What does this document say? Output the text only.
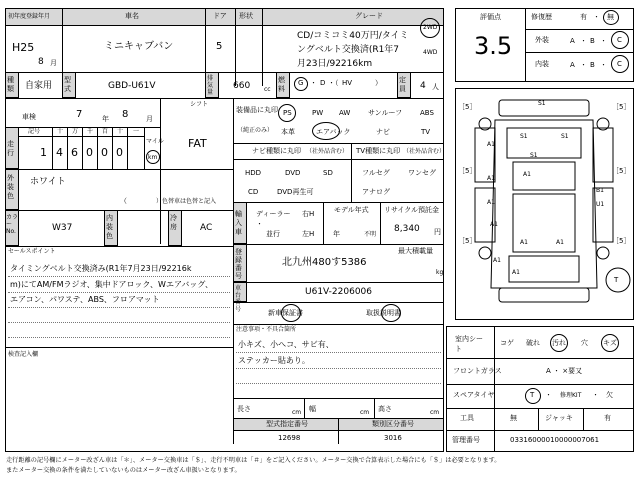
初年度登録年月	車名	ドア 形状	グレード
H25
8 月
ミニキャブバン	5
CD/コミコミ40万円/タイミ
ングベルト交換済(R1年7
月23日/92216km
2WD
4WD
種類	自家用
型式	GBD-U61V
排気量
660 cc
燃料
G ・ D ・（ HV	） 定員	4 人
車検	7	年 8	月
シフト
FAT
走行
記号	十 万 千 百 十 一
1 4 6 0 0 0
マイル
km
外装色
ホワイト
（	）色替車は色替と記入
カラーNo.	W37
内装色
冷房	AC
装備品に丸印
（純正のみ）
PS	PW AW	サンルーフ	ABS
本革	エアバック	ナビ	TV
ナビ種類に丸印 （社外品含む） TV種類に丸印 （社外品含む）
HDD	DVD	SD
CD	DVD再生可
フルセグ	ワンセグ
アナログ
輸入車
ディーラー
・
並行
右H
左H
モデル年式
年	不明
リサイクル預託金
8,340 円
最大積載量
kg
登録番号
北九州480す5386
車台番号
U61V-2206006
新車保証書	取扱説明書
セールスポイント
タイミングベルト交換済み(R1年7月23日/92216k
m)にてAM/FMラジオ、集中ドアロック、Wエアバッグ、
エアコン、パワステ、ABS、フロアマット
検査記入欄
注意事項・不具合箇所
小キズ、小へコ、サビ有、
ステッカー貼あり。
長さ	cm 幅	cm 高さ	cm
型式指定番号	類別区分番号
12698	3016
評価点
3.5
修復歴	有 ・ 無
外装	A ・ B ・ C
内装	A ・ B ・ C
S1
A1
S1	S1
S1
A1
A1
B1
U1
A1
A1
A1	A1
A1
A1
T
［5］	［5］
［5］	［5］
［5］	［5］
室内シート
コゲ 破れ 汚れ 穴 キズ
フロントガラス	A ・ ×要又
スペアタイヤ	T ・ 修理KIT ・ 欠
工具	無	ジャッキ	有
管理番号	03316000010000007061
走行距離の記号欄にメーター改ざん車は「＊」、メーター交換車は「＄」、走行不明車は「＃」をご記入ください。メーター交換で合算表示した場合にも「＄」は必要となります。
またメーター交換の条件を満たしていないものはメーター改ざん車扱いとなります。
